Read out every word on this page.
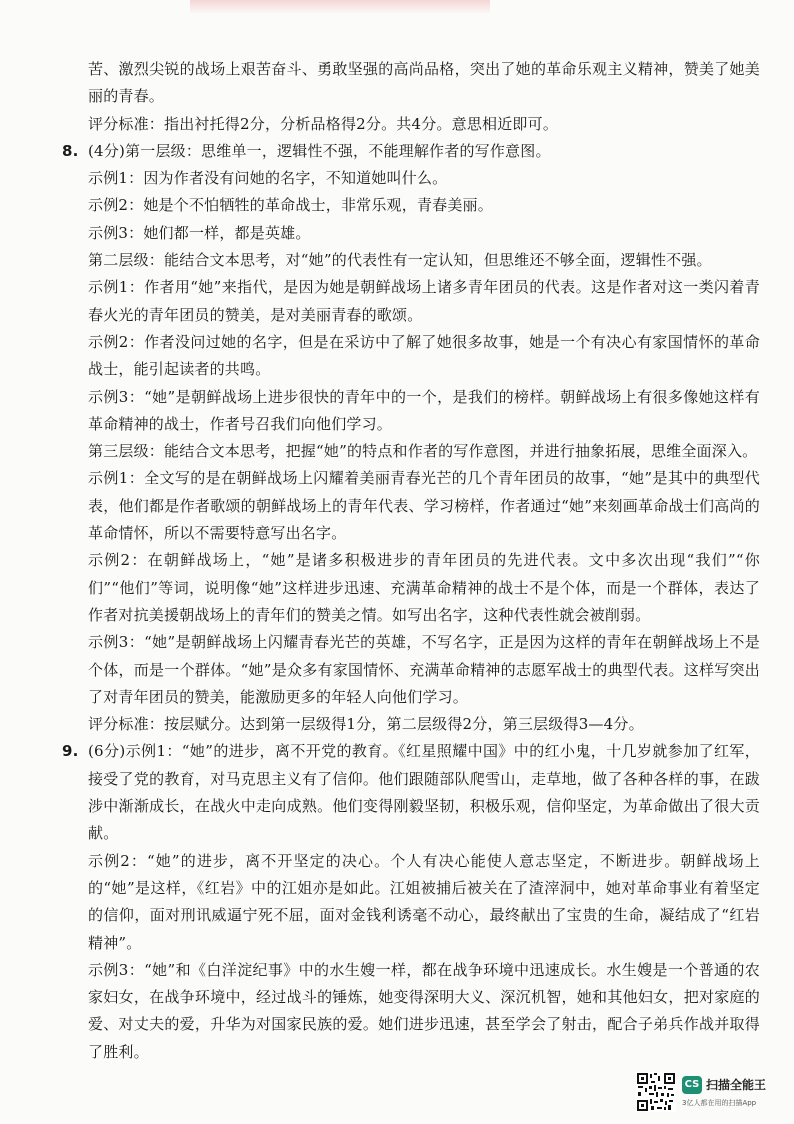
苦、激烈尖锐的战场上艰苦奋斗、勇敢坚强的高尚品格，突出了她的革命乐观主义精神，赞美了她美丽的青春。

评分标准：指出衬托得2分，分析品格得2分。共4分。意思相近即可。

8. (4分)第一层级：思维单一，逻辑性不强，不能理解作者的写作意图。

示例1：因为作者没有问她的名字，不知道她叫什么。

示例2：她是个不怕牺牲的革命战士，非常乐观，青春美丽。

示例3：她们都一样，都是英雄。

第二层级：能结合文本思考，对“她”的代表性有一定认知，但思维还不够全面，逻辑性不强。

示例1：作者用“她”来指代，是因为她是朝鲜战场上诸多青年团员的代表。这是作者对这一类闪着青春火光的青年团员的赞美，是对美丽青春的歌颂。

示例2：作者没问过她的名字，但是在采访中了解了她很多故事，她是一个有决心有家国情怀的革命战士，能引起读者的共鸣。

示例3：“她”是朝鲜战场上进步很快的青年中的一个，是我们的榜样。朝鲜战场上有很多像她这样有革命精神的战士，作者号召我们向他们学习。

第三层级：能结合文本思考，把握“她”的特点和作者的写作意图，并进行抽象拓展，思维全面深入。

示例1：全文写的是在朝鲜战场上闪耀着美丽青春光芒的几个青年团员的故事，“她”是其中的典型代表，他们都是作者歌颂的朝鲜战场上的青年代表、学习榜样，作者通过“她”来刻画革命战士们高尚的革命情怀，所以不需要特意写出名字。

示例2：在朝鲜战场上，“她”是诸多积极进步的青年团员的先进代表。文中多次出现“我们”“你们”“他们”等词，说明像“她”这样进步迅速、充满革命精神的战士不是个体，而是一个群体，表达了作者对抗美援朝战场上的青年们的赞美之情。如写出名字，这种代表性就会被削弱。

示例3：“她”是朝鲜战场上闪耀青春光芒的英雄，不写名字，正是因为这样的青年在朝鲜战场上不是个体，而是一个群体。“她”是众多有家国情怀、充满革命精神的志愿军战士的典型代表。这样写突出了对青年团员的赞美，能激励更多的年轻人向他们学习。

评分标准：按层赋分。达到第一层级得1分，第二层级得2分，第三层级得3—4分。

9. (6分)示例1：“她”的进步，离不开党的教育。《红星照耀中国》中的红小鬼，十几岁就参加了红军，接受了党的教育，对马克思主义有了信仰。他们跟随部队爬雪山，走草地，做了各种各样的事，在跋涉中渐渐成长，在战火中走向成熟。他们变得刚毅坚韧，积极乐观，信仰坚定，为革命做出了很大贡献。

示例2：“她”的进步，离不开坚定的决心。个人有决心能使人意志坚定，不断进步。朝鲜战场上的“她”是这样，《红岩》中的江姐亦是如此。江姐被捕后被关在了渣滓洞中，她对革命事业有着坚定的信仰，面对刑讯威逼宁死不屈，面对金钱利诱毫不动心，最终献出了宝贵的生命，凝结成了“红岩精神”。

示例3：“她”和《白洋淀纪事》中的水生嫂一样，都在战争环境中迅速成长。水生嫂是一个普通的农家妇女，在战争环境中，经过战斗的锤炼，她变得深明大义、深沉机智，她和其他妇女，把对家庭的爱、对丈夫的爱，升华为对国家民族的爱。她们进步迅速，甚至学会了射击，配合子弟兵作战并取得了胜利。

CS 扫描全能王
3亿人都在用的扫描App
